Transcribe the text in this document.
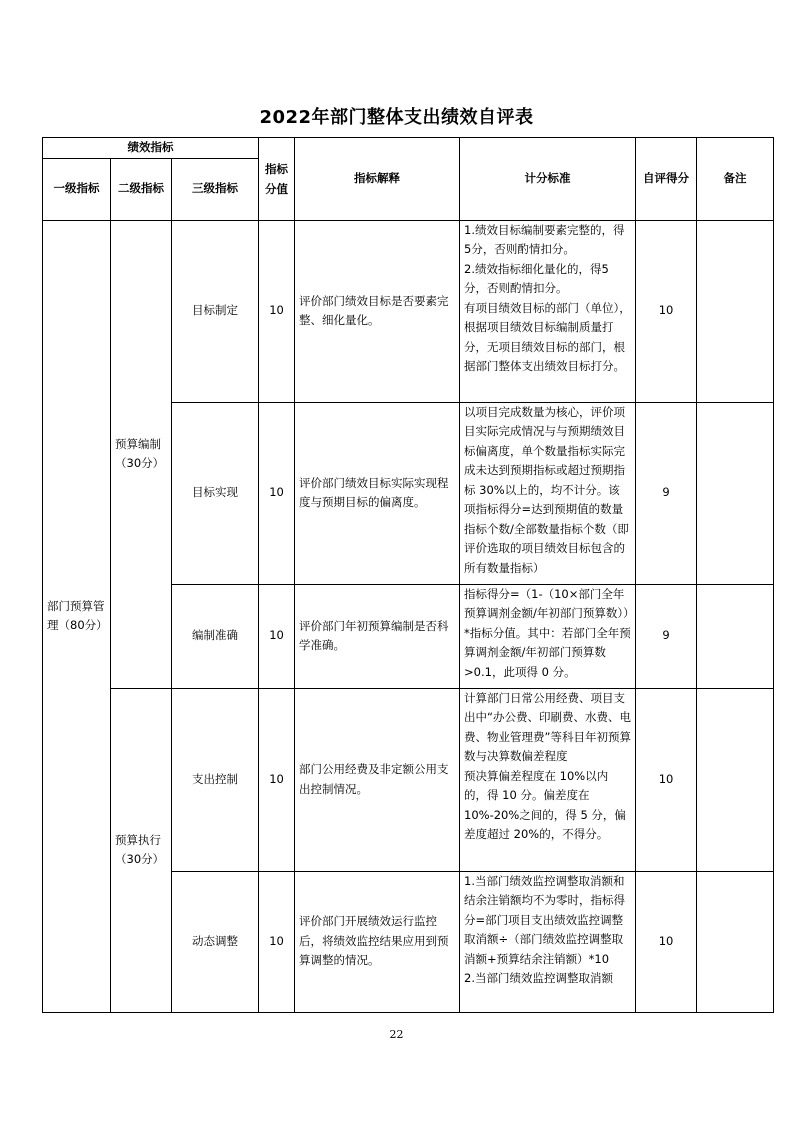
2022年部门整体支出绩效自评表
绩效指标			指标分值	指标解释	计分标准	自评得分	备注
一级指标	二级指标	三级指标					
部门预算管理（80分）	预算编制（30分）	目标制定	10	评价部门绩效目标是否要素完整、细化量化。	1.绩效目标编制要素完整的，得5分，否则酌情扣分。
2.绩效指标细化量化的，得5分，否则酌情扣分。
有项目绩效目标的部门（单位），根据项目绩效目标编制质量打分，无项目绩效目标的部门，根据部门整体支出绩效目标打分。	10	
		目标实现	10	评价部门绩效目标实际实现程度与预期目标的偏离度。	以项目完成数量为核心，评价项目实际完成情况与与预期绩效目标偏离度，单个数量指标实际完成未达到预期指标或超过预期指标 30%以上的，均不计分。该项指标得分=达到预期值的数量指标个数/全部数量指标个数（即评价选取的项目绩效目标包含的所有数量指标）	9	
		编制准确	10	评价部门年初预算编制是否科学准确。	指标得分=（1-（10×部门全年预算调剂金额/年初部门预算数））*指标分值。其中：若部门全年预算调剂金额/年初部门预算数>0.1，此项得 0 分。	9	
	预算执行（30分）	支出控制	10	部门公用经费及非定额公用支出控制情况。	计算部门日常公用经费、项目支出中“办公费、印刷费、水费、电费、物业管理费”等科目年初预算数与决算数偏差程度
预决算偏差程度在 10%以内的，得 10 分。偏差度在 10%-20%之间的，得 5 分，偏差度超过 20%的，不得分。	10	
		动态调整	10	评价部门开展绩效运行监控后，将绩效监控结果应用到预算调整的情况。	1.当部门绩效监控调整取消额和结余注销额均不为零时，指标得分=部门项目支出绩效监控调整取消额÷（部门绩效监控调整取消额+预算结余注销额）*10
2.当部门绩效监控调整取消额	10	
22
